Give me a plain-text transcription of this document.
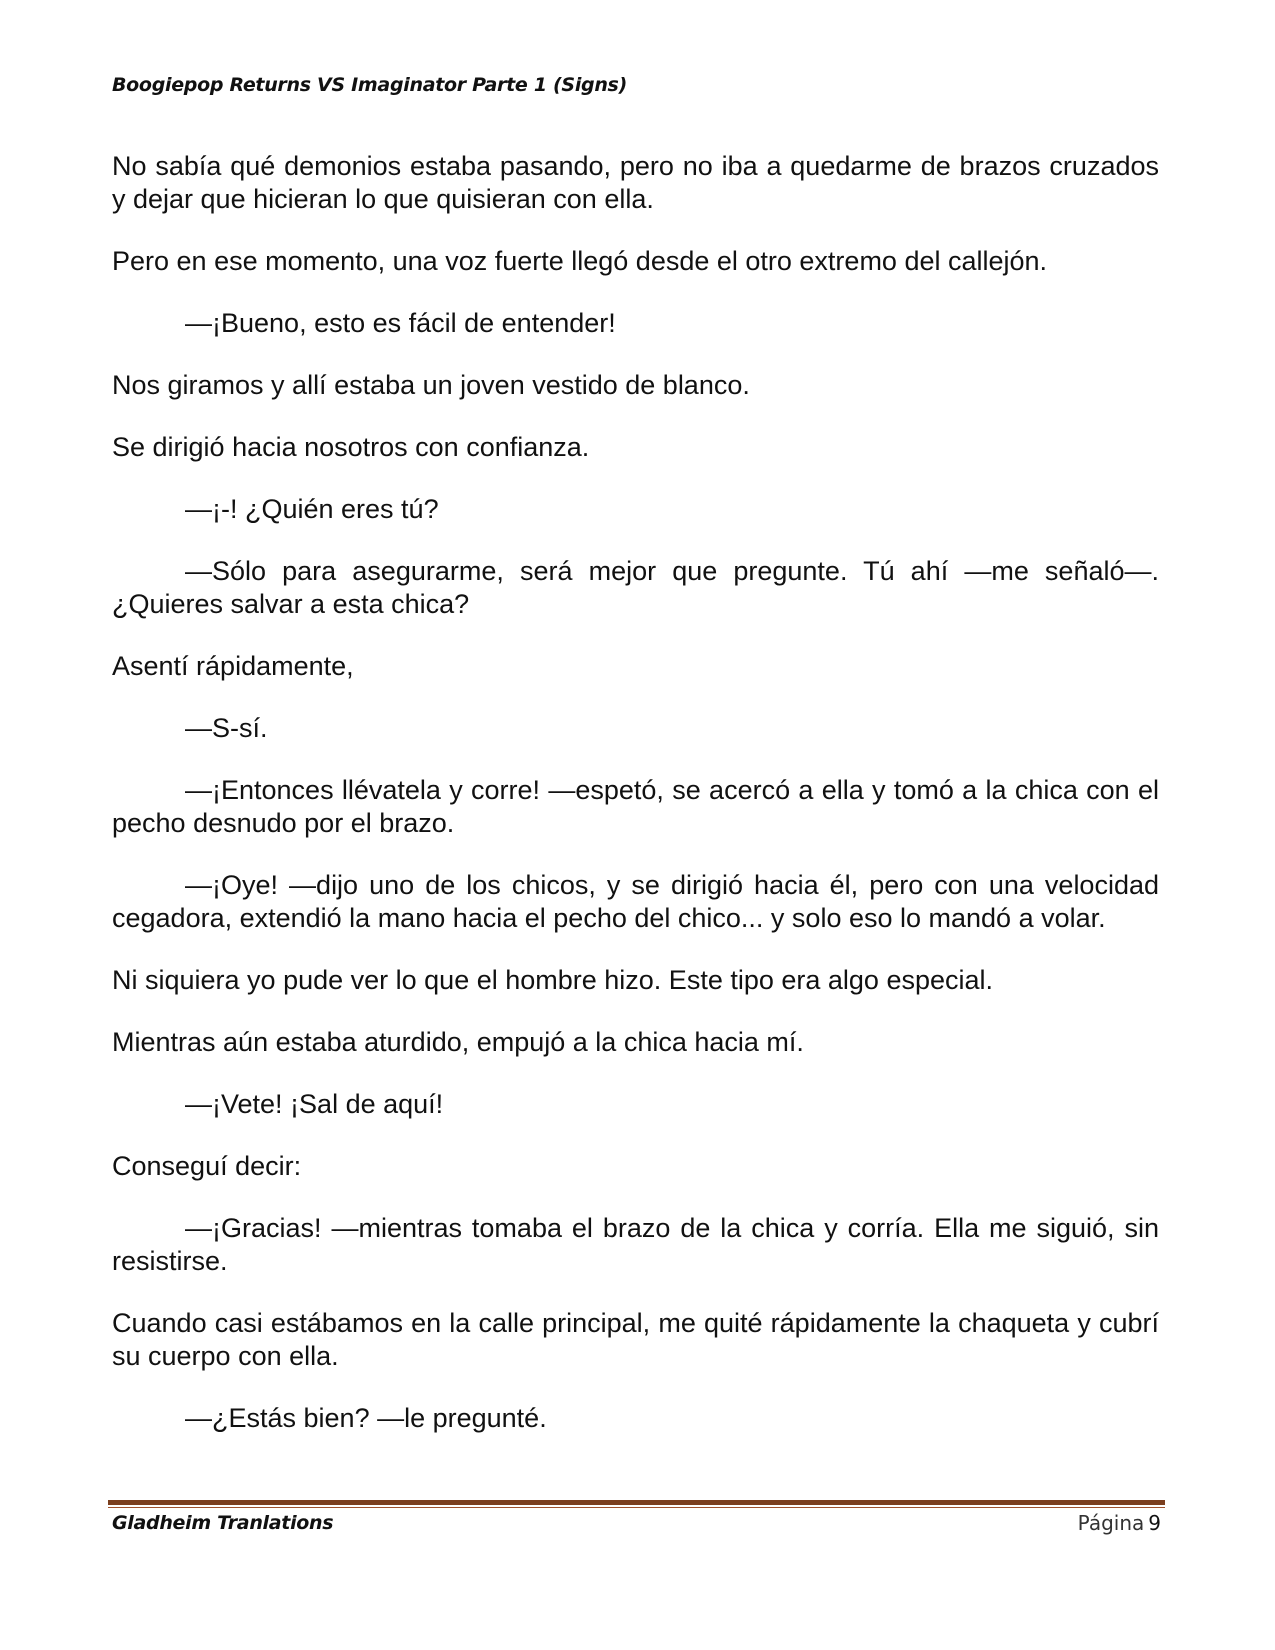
Boogiepop Returns VS Imaginator Parte 1 (Signs)

No sabía qué demonios estaba pasando, pero no iba a quedarme de brazos cruzados y dejar que hicieran lo que quisieran con ella.

Pero en ese momento, una voz fuerte llegó desde el otro extremo del callejón.

—¡Bueno, esto es fácil de entender!

Nos giramos y allí estaba un joven vestido de blanco.

Se dirigió hacia nosotros con confianza.

—¡-! ¿Quién eres tú?

—Sólo para asegurarme, será mejor que pregunte. Tú ahí —me señaló—. ¿Quieres salvar a esta chica?

Asentí rápidamente,

—S-sí.

—¡Entonces llévatela y corre! —espetó, se acercó a ella y tomó a la chica con el pecho desnudo por el brazo.

—¡Oye! —dijo uno de los chicos, y se dirigió hacia él, pero con una velocidad cegadora, extendió la mano hacia el pecho del chico... y solo eso lo mandó a volar.

Ni siquiera yo pude ver lo que el hombre hizo. Este tipo era algo especial.

Mientras aún estaba aturdido, empujó a la chica hacia mí.

—¡Vete! ¡Sal de aquí!

Conseguí decir:

—¡Gracias! —mientras tomaba el brazo de la chica y corría. Ella me siguió, sin resistirse.

Cuando casi estábamos en la calle principal, me quité rápidamente la chaqueta y cubrí su cuerpo con ella.

—¿Estás bien? —le pregunté.

Gladheim Tranlations	Página 9
